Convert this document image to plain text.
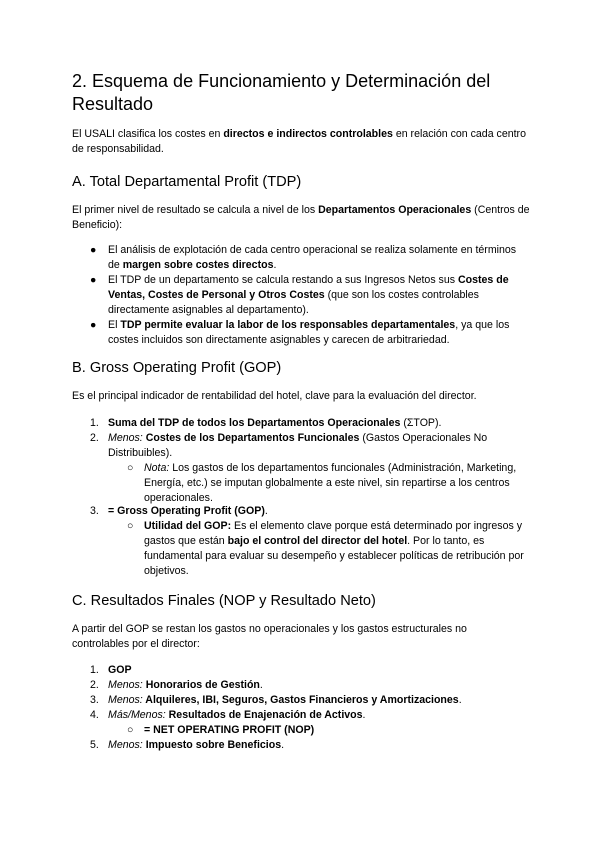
2. Esquema de Funcionamiento y Determinación del Resultado

El USALI clasifica los costes en directos e indirectos controlables en relación con cada centro de responsabilidad.

A. Total Departamental Profit (TDP)

El primer nivel de resultado se calcula a nivel de los Departamentos Operacionales (Centros de Beneficio):

● El análisis de explotación de cada centro operacional se realiza solamente en términos de margen sobre costes directos.

● El TDP de un departamento se calcula restando a sus Ingresos Netos sus Costes de Ventas, Costes de Personal y Otros Costes (que son los costes controlables directamente asignables al departamento).

● El TDP permite evaluar la labor de los responsables departamentales, ya que los costes incluidos son directamente asignables y carecen de arbitrariedad.

B. Gross Operating Profit (GOP)

Es el principal indicador de rentabilidad del hotel, clave para la evaluación del director.

1. Suma del TDP de todos los Departamentos Operacionales (ΣTOP).

2. Menos: Costes de los Departamentos Funcionales (Gastos Operacionales No Distribuibles).

○ Nota: Los gastos de los departamentos funcionales (Administración, Marketing, Energía, etc.) se imputan globalmente a este nivel, sin repartirse a los centros operacionales.

3. = Gross Operating Profit (GOP).

○ Utilidad del GOP: Es el elemento clave porque está determinado por ingresos y gastos que están bajo el control del director del hotel. Por lo tanto, es fundamental para evaluar su desempeño y establecer políticas de retribución por objetivos.

C. Resultados Finales (NOP y Resultado Neto)

A partir del GOP se restan los gastos no operacionales y los gastos estructurales no controlables por el director:

1. GOP

2. Menos: Honorarios de Gestión.

3. Menos: Alquileres, IBI, Seguros, Gastos Financieros y Amortizaciones.

4. Más/Menos: Resultados de Enajenación de Activos.

○ = NET OPERATING PROFIT (NOP)

5. Menos: Impuesto sobre Beneficios.
